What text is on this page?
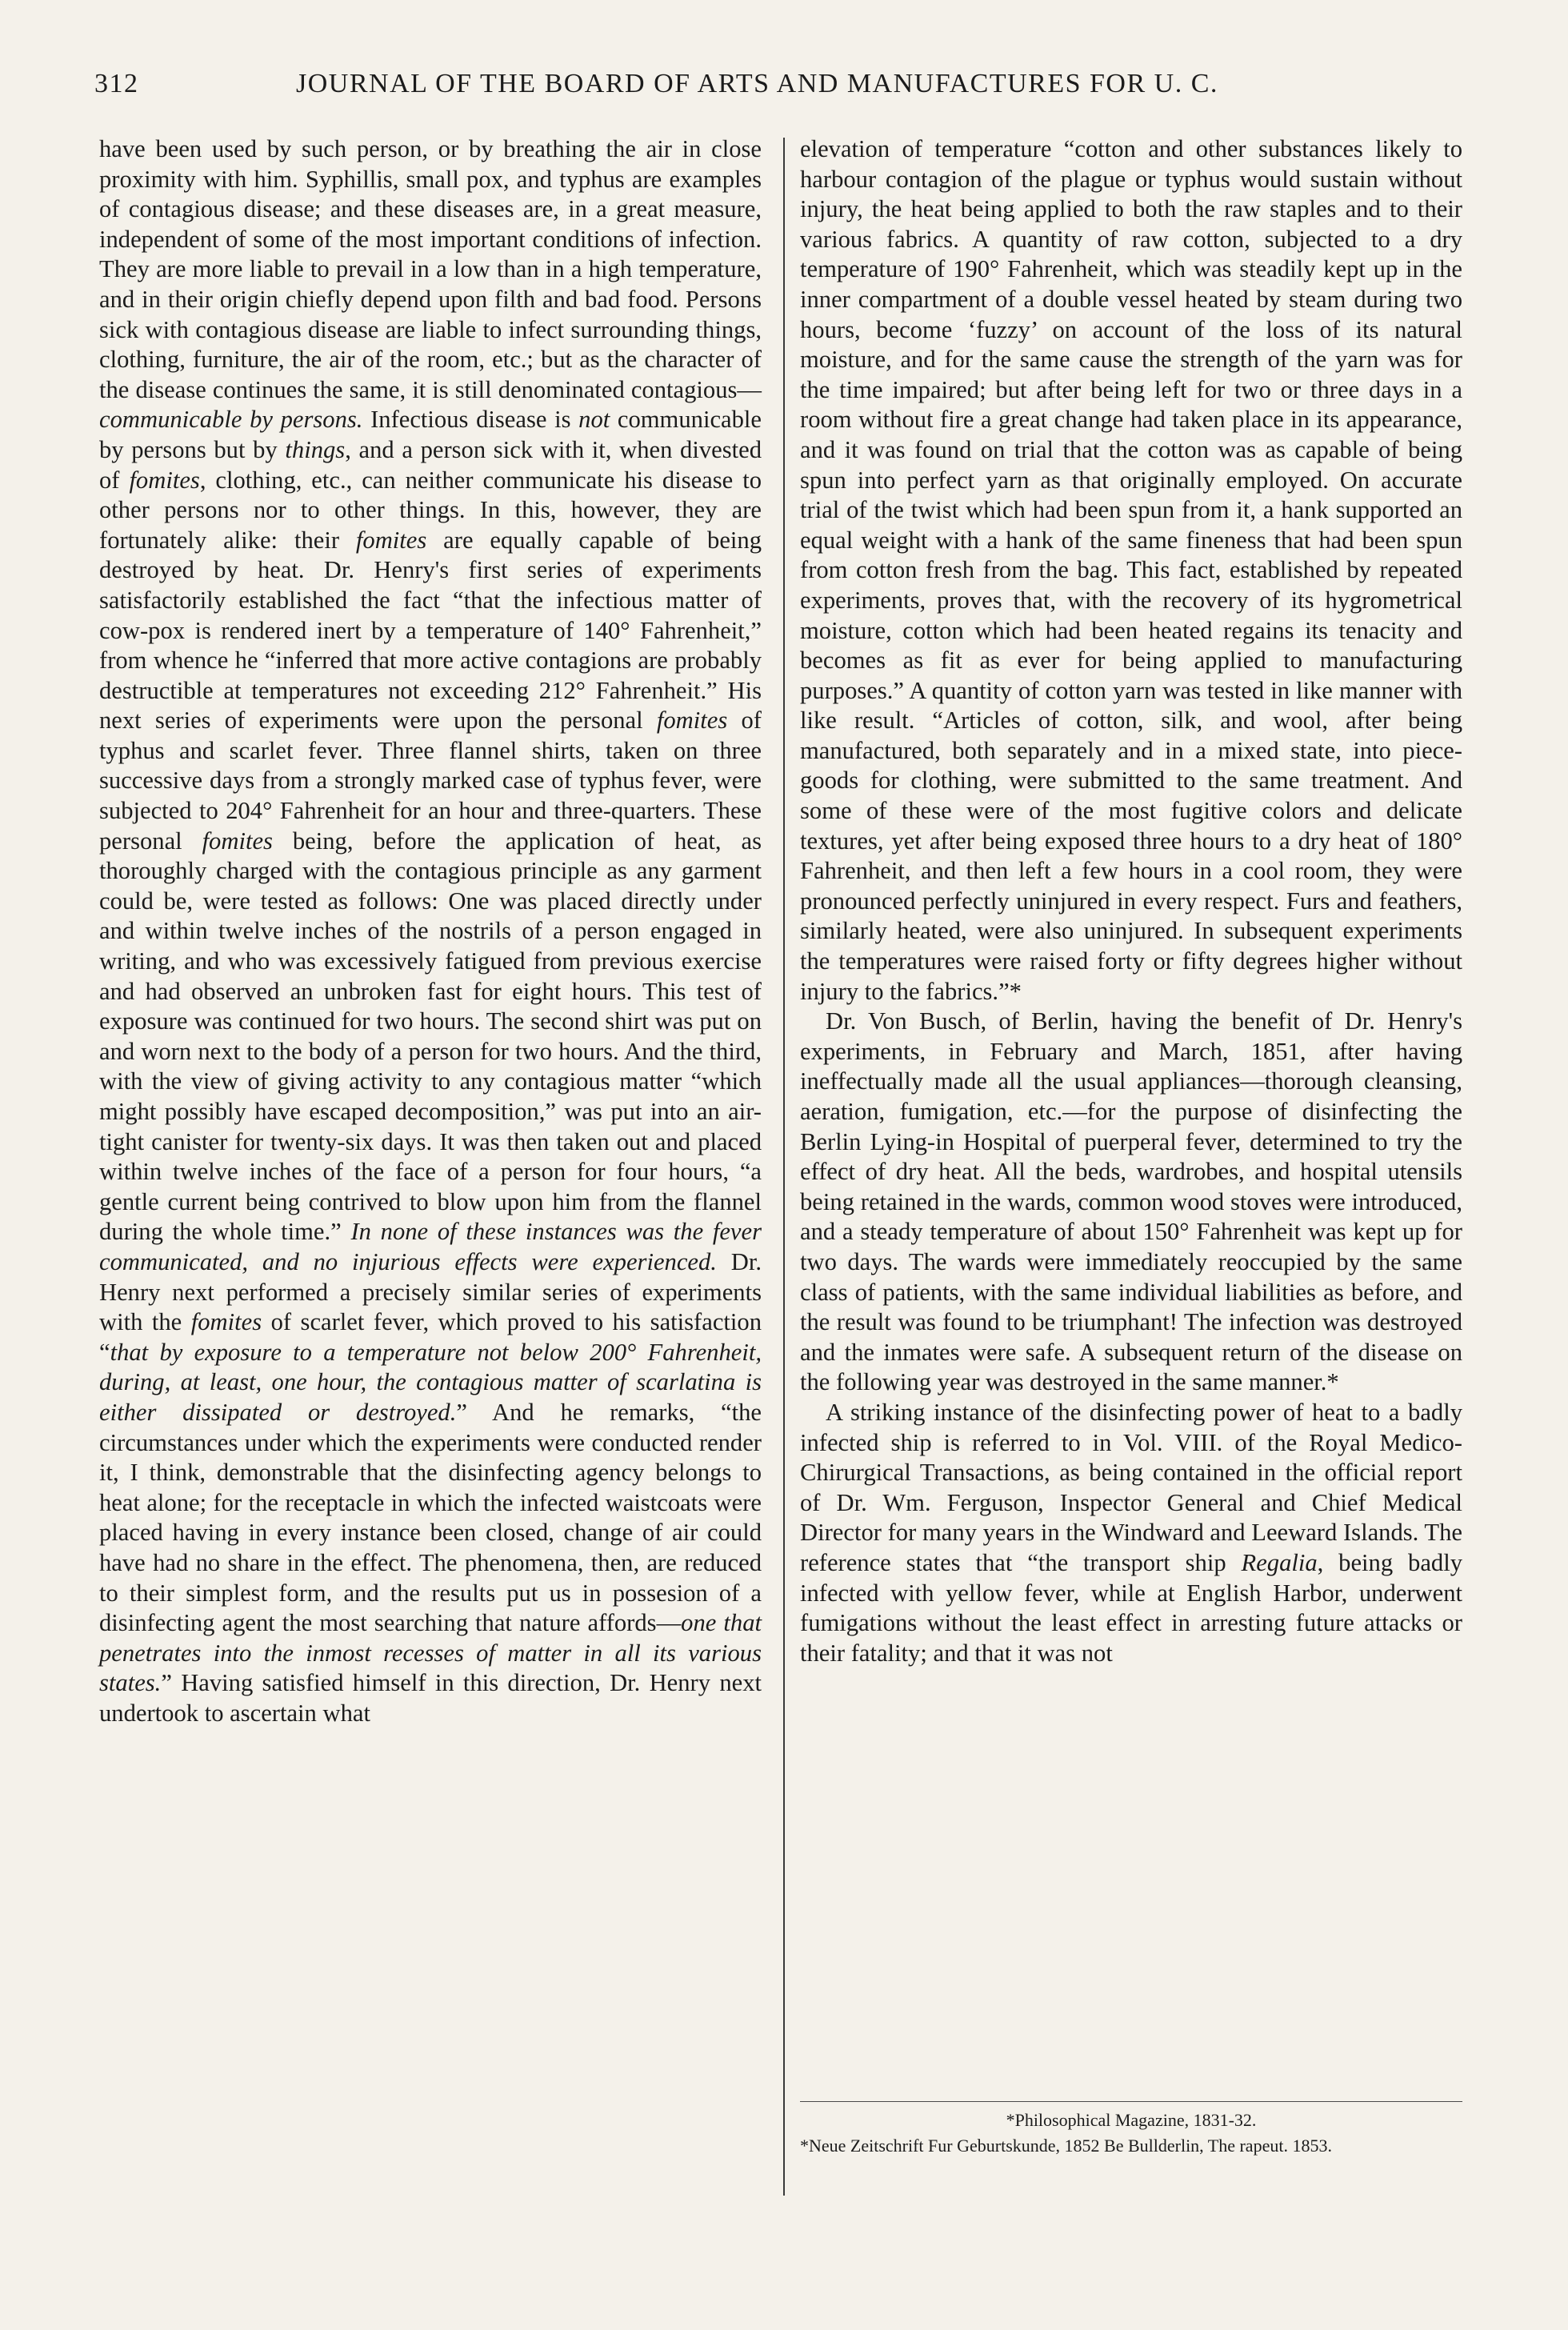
312	JOURNAL OF THE BOARD OF ARTS AND MANUFACTURES FOR U. C.

have been used by such person, or by breathing the air in close proximity with him. Syphillis, small pox, and typhus are examples of contagious disease; and these diseases are, in a great measure, independent of some of the most important conditions of infection. They are more liable to prevail in a low than in a high temperature, and in their origin chiefly depend upon filth and bad food. Persons sick with contagious disease are liable to infect surrounding things, clothing, furniture, the air of the room, etc.; but as the character of the disease continues the same, it is still denominated contagious—communicable by persons. Infectious disease is not communicable by persons but by things, and a person sick with it, when divested of fomites, clothing, etc., can neither communicate his disease to other persons nor to other things. In this, however, they are fortunately alike: their fomites are equally capable of being destroyed by heat. Dr. Henry's first series of experiments satisfactorily established the fact “that the infectious matter of cow-pox is rendered inert by a temperature of 140° Fahrenheit,” from whence he “inferred that more active contagions are probably destructible at temperatures not exceeding 212° Fahrenheit.” His next series of experiments were upon the personal fomites of typhus and scarlet fever. Three flannel shirts, taken on three successive days from a strongly marked case of typhus fever, were subjected to 204° Fahrenheit for an hour and three-quarters. These personal fomites being, before the application of heat, as thoroughly charged with the contagious principle as any garment could be, were tested as follows: One was placed directly under and within twelve inches of the nostrils of a person engaged in writing, and who was excessively fatigued from previous exercise and had observed an unbroken fast for eight hours. This test of exposure was continued for two hours. The second shirt was put on and worn next to the body of a person for two hours. And the third, with the view of giving activity to any contagious matter “which might possibly have escaped decomposition,” was put into an air-tight canister for twenty-six days. It was then taken out and placed within twelve inches of the face of a person for four hours, “a gentle current being contrived to blow upon him from the flannel during the whole time.” In none of these instances was the fever communicated, and no injurious effects were experienced. Dr. Henry next performed a precisely similar series of experiments with the fomites of scarlet fever, which proved to his satisfaction “that by exposure to a temperature not below 200° Fahrenheit, during, at least, one hour, the contagious matter of scarlatina is either dissipated or destroyed.” And he remarks, “the circumstances under which the experiments were conducted render it, I think, demonstrable that the disinfecting agency belongs to heat alone; for the receptacle in which the infected waistcoats were placed having in every instance been closed, change of air could have had no share in the effect. The phenomena, then, are reduced to their simplest form, and the results put us in possesion of a disinfecting agent the most searching that nature affords—one that penetrates into the inmost recesses of matter in all its various states.” Having satisfied himself in this direction, Dr. Henry next undertook to ascertain what

elevation of temperature “cotton and other substances likely to harbour contagion of the plague or typhus would sustain without injury, the heat being applied to both the raw staples and to their various fabrics. A quantity of raw cotton, subjected to a dry temperature of 190° Fahrenheit, which was steadily kept up in the inner compartment of a double vessel heated by steam during two hours, become ‘fuzzy’ on account of the loss of its natural moisture, and for the same cause the strength of the yarn was for the time impaired; but after being left for two or three days in a room without fire a great change had taken place in its appearance, and it was found on trial that the cotton was as capable of being spun into perfect yarn as that originally employed. On accurate trial of the twist which had been spun from it, a hank supported an equal weight with a hank of the same fineness that had been spun from cotton fresh from the bag. This fact, established by repeated experiments, proves that, with the recovery of its hygrometrical moisture, cotton which had been heated regains its tenacity and becomes as fit as ever for being applied to manufacturing purposes.” A quantity of cotton yarn was tested in like manner with like result. “Articles of cotton, silk, and wool, after being manufactured, both separately and in a mixed state, into piece-goods for clothing, were submitted to the same treatment. And some of these were of the most fugitive colors and delicate textures, yet after being exposed three hours to a dry heat of 180° Fahrenheit, and then left a few hours in a cool room, they were pronounced perfectly uninjured in every respect. Furs and feathers, similarly heated, were also uninjured. In subsequent experiments the temperatures were raised forty or fifty degrees higher without injury to the fabrics.”*

Dr. Von Busch, of Berlin, having the benefit of Dr. Henry's experiments, in February and March, 1851, after having ineffectually made all the usual appliances—thorough cleansing, aeration, fumigation, etc.—for the purpose of disinfecting the Berlin Lying-in Hospital of puerperal fever, determined to try the effect of dry heat. All the beds, wardrobes, and hospital utensils being retained in the wards, common wood stoves were introduced, and a steady temperature of about 150° Fahrenheit was kept up for two days. The wards were immediately reoccupied by the same class of patients, with the same individual liabilities as before, and the result was found to be triumphant! The infection was destroyed and the inmates were safe. A subsequent return of the disease on the following year was destroyed in the same manner.*

A striking instance of the disinfecting power of heat to a badly infected ship is referred to in Vol. VIII. of the Royal Medico-Chirurgical Transactions, as being contained in the official report of Dr. Wm. Ferguson, Inspector General and Chief Medical Director for many years in the Windward and Leeward Islands. The reference states that “the transport ship Regalia, being badly infected with yellow fever, while at English Harbor, underwent fumigations without the least effect in arresting future attacks or their fatality; and that it was not

*Philosophical Magazine, 1831-32.
*Neue Zeitschrift Fur Geburtskunde, 1852 Be Bullderlin, The rapeut. 1853.
